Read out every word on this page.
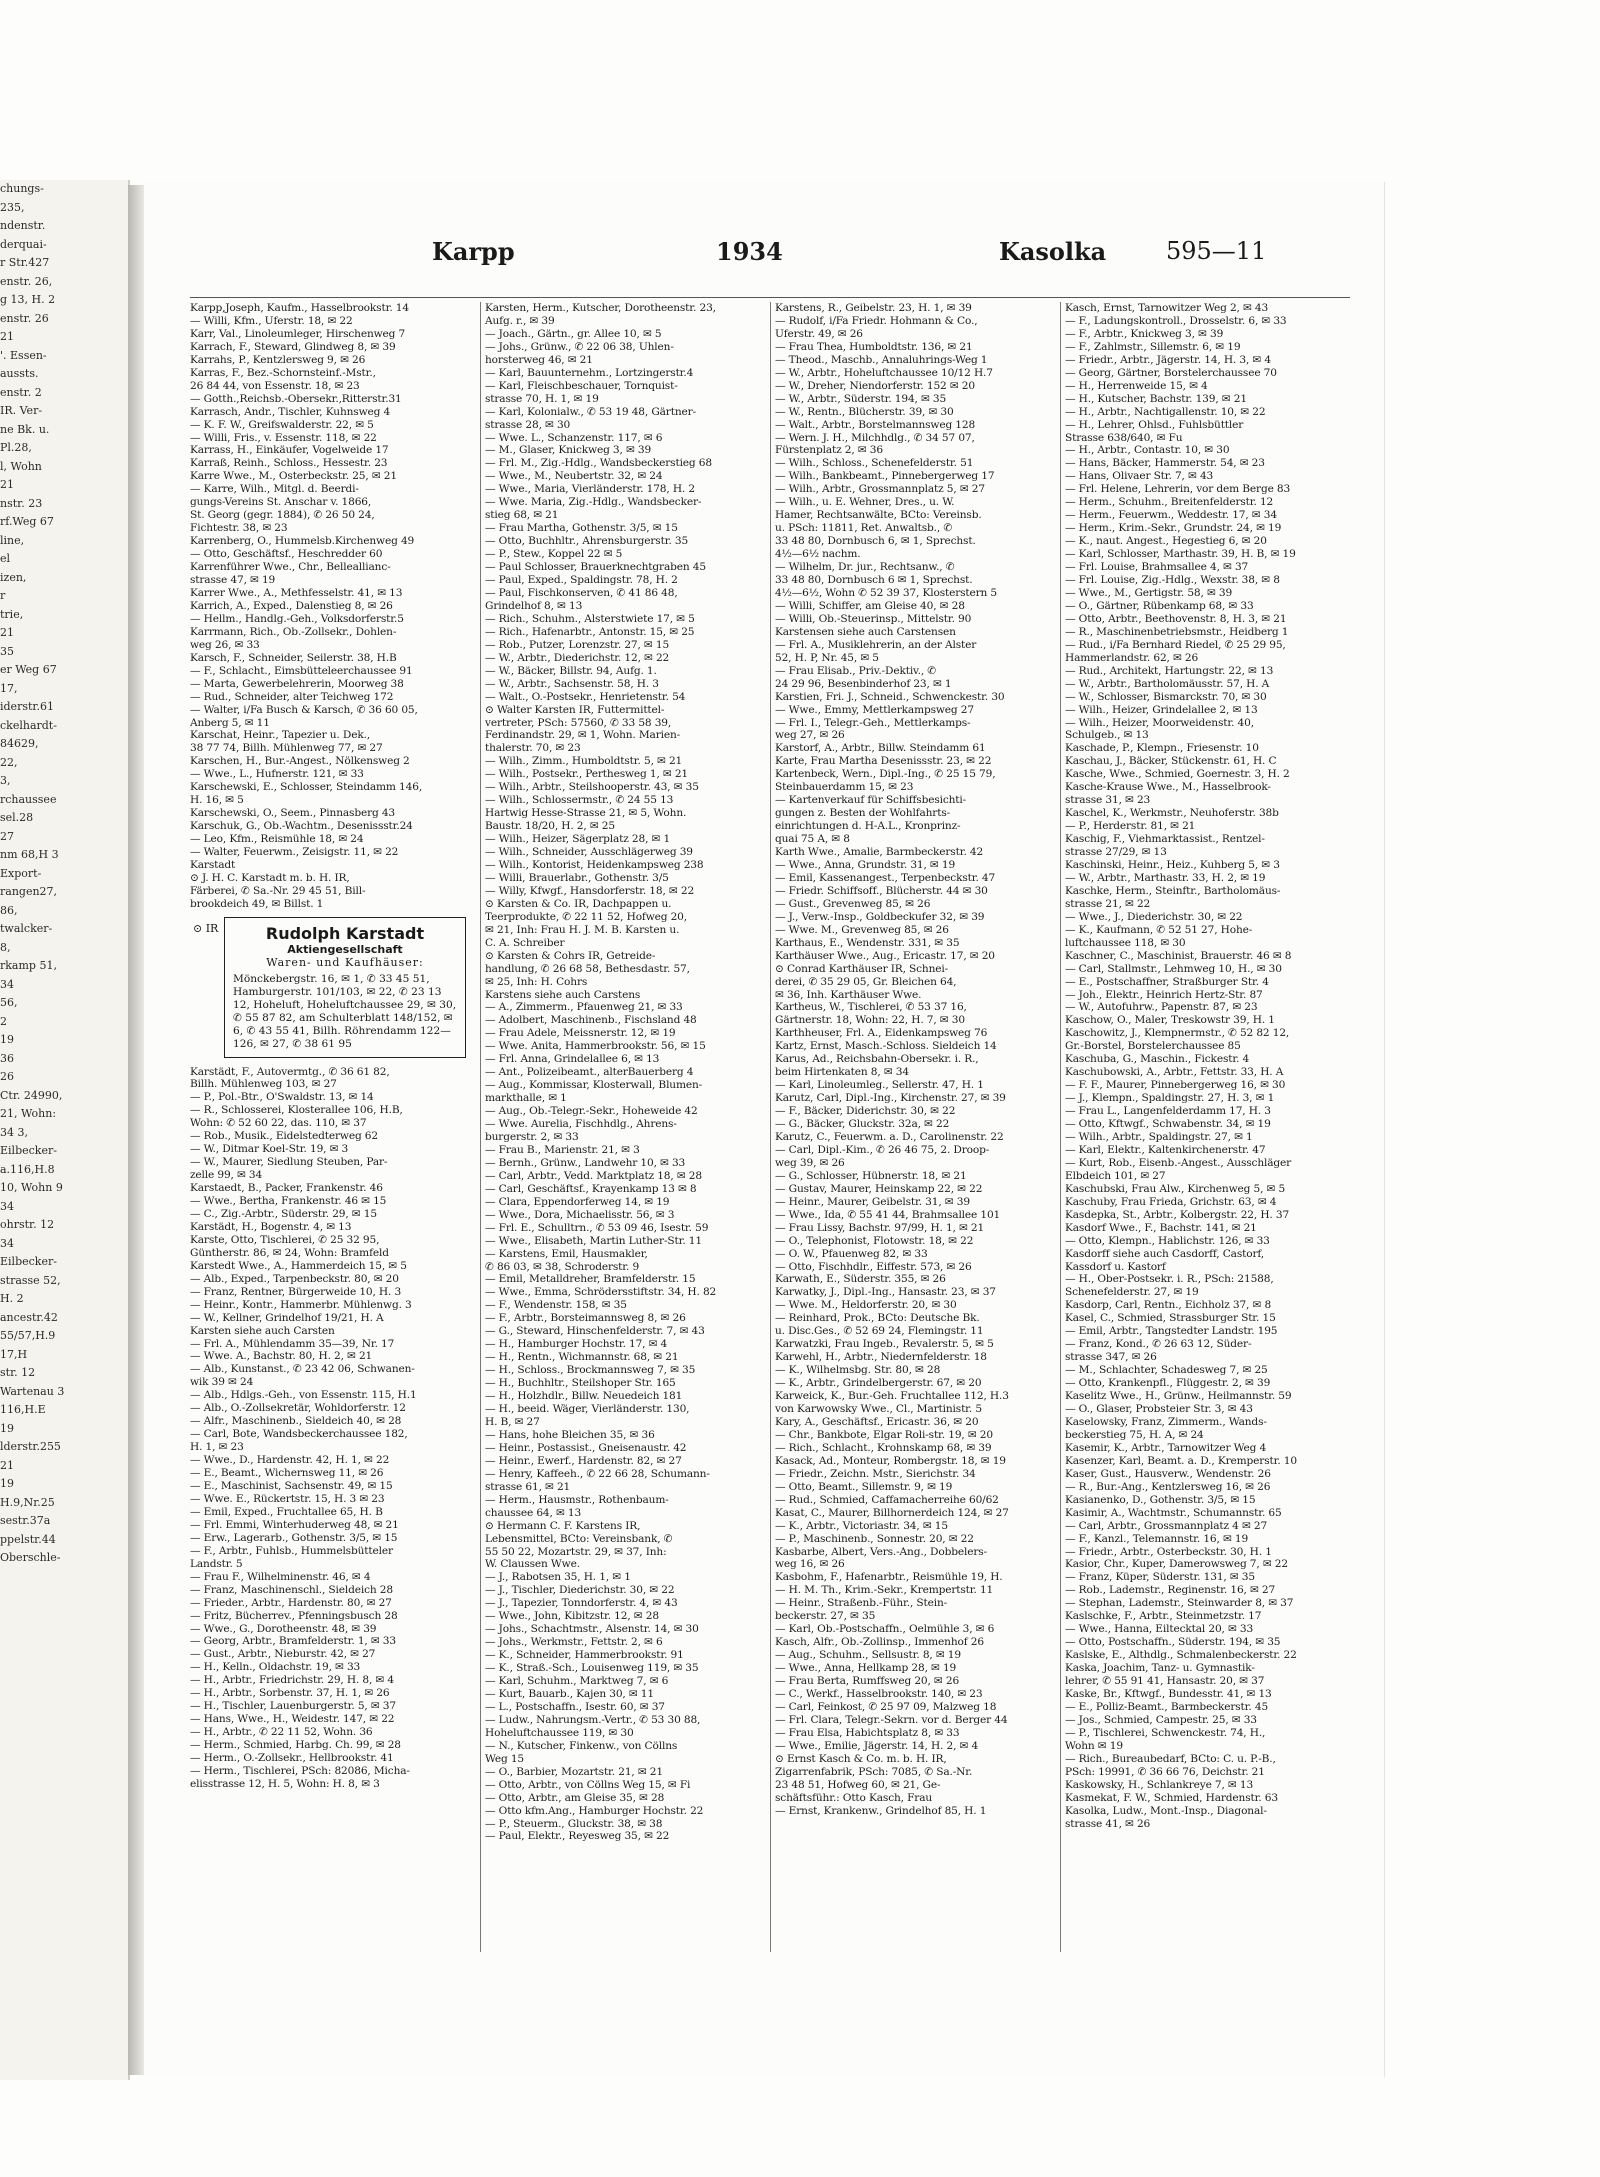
chungs-
235,
ndenstr.
derquai-
r Str.427
enstr. 26,
g 13, H. 2
enstr. 26
21
'. Essen-
aussts.
enstr. 2
IR. Ver-
ne Bk. u.
Pl.28,
l, Wohn
21
nstr. 23
rf.Weg 67
line,
el
izen,
r
trie,
21
35
er Weg 67
17,
iderstr.61
ckelhardt-
84629,
22,
3,
rchaussee
sel.28
27
nm 68,H 3
Export-
rangen27,
86,
twalcker-
8,
rkamp 51,
34
56,
2
19
36
26
Ctr. 24990,
21, Wohn:
34 3,
Eilbecker-
a.116,H.8
10, Wohn 9
34
ohrstr. 12
34
Eilbecker-
strasse 52,
H. 2
ancestr.42
55/57,H.9
17,H
str. 12
Wartenau 3
116,H.E
19
lderstr.255
21
19
H.9,Nr.25
sestr.37a
ppelstr.44
Oberschle-
Karpp	1934	Kasolka 595—11
Karpp,Joseph, Kaufm., Hasselbrookstr. 14
— Willi, Kfm., Uferstr. 18, ✉ 22
Karr, Val., Linoleumleger, Hirschenweg 7
Karrach, F., Steward, Glindweg 8, ✉ 39
Karrahs, P., Kentzlersweg 9, ✉ 26
Karras, F., Bez.-Schornsteinf.-Mstr.,
26 84 44, von Essenstr. 18, ✉ 23
— Gotth.,Reichsb.-Obersekr.,Ritterstr.31
Karrasch, Andr., Tischler, Kuhnsweg 4
— K. F. W., Greifswalderstr. 22, ✉ 5
— Willi, Fris., v. Essenstr. 118, ✉ 22
Karrass, H., Einkäufer, Vogelweide 17
Karraß, Reinh., Schloss., Hessestr. 23
Karre Wwe., M., Osterbeckstr. 25, ✉ 21
— Karre, Wilh., Mitgl. d. Beerdi-
gungs-Vereins St. Anschar v. 1866,
St. Georg (gegr. 1884), ✆ 26 50 24,
Fichtestr. 38, ✉ 23
Karrenberg, O., Hummelsb.Kirchenweg 49
— Otto, Geschäftsf., Heschredder 60
Karrenführer Wwe., Chr., Belleallianc-
strasse 47, ✉ 19
Karrer Wwe., A., Methfesselstr. 41, ✉ 13
Karrich, A., Exped., Dalenstieg 8, ✉ 26
— Hellm., Handlg.-Geh., Volksdorferstr.5
Karrmann, Rich., Ob.-Zollsekr., Dohlen-
weg 26, ✉ 33
Karsch, F., Schneider, Seilerstr. 38, H.B
— F., Schlacht., Eimsbütteleerchaussee 91
— Marta, Gewerbelehrerin, Moorweg 38
— Rud., Schneider, alter Teichweg 172
— Walter, i/Fa Busch & Karsch, ✆ 36 60 05,
Anberg 5, ✉ 11
Karschat, Heinr., Tapezier u. Dek.,
38 77 74, Billh. Mühlenweg 77, ✉ 27
Karschen, H., Bur.-Angest., Nölkensweg 2
— Wwe., L., Hufnerstr. 121, ✉ 33
Karschewski, E., Schlosser, Steindamm 146,
H. 16, ✉ 5
Karschewski, O., Seem., Pinnasberg 43
Karschuk, G., Ob.-Wachtm., Desenissstr.24
— Leo, Kfm., Reismühle 18, ✉ 24
— Walter, Feuerwm., Zeisigstr. 11, ✉ 22
Karstadt
⊙ J. H. C. Karstadt m. b. H. IR,
Färberei, ✆ Sa.-Nr. 29 45 51, Bill-
brookdeich 49, ✉ Billst. 1
⊙ IR	Rudolph Karstadt
Aktiengesellschaft
Waren- und Kaufhäuser:
Mönckebergstr. 16, ✉ 1, ✆ 33 45 51, Hamburgerstr. 101/103, ✉ 22, ✆ 23 13 12, Hoheluft, Hoheluftchaussee 29, ✉ 30, ✆ 55 87 82, am Schulterblatt 148/152, ✉ 6, ✆ 43 55 41, Billh. Röhrendamm 122—126, ✉ 27, ✆ 38 61 95
Karstädt, F., Autovermtg., ✆ 36 61 82,
Billh. Mühlenweg 103, ✉ 27
— P., Pol.-Btr., O'Swaldstr. 13, ✉ 14
— R., Schlosserei, Klosterallee 106, H.B,
Wohn: ✆ 52 60 22, das. 110, ✉ 37
— Rob., Musik., Eidelstedterweg 62
— W., Ditmar Koel-Str. 19, ✉ 3
— W., Maurer, Siedlung Steuben, Par-
zelle 99, ✉ 34
Karstaedt, B., Packer, Frankenstr. 46
— Wwe., Bertha, Frankenstr. 46 ✉ 15
— C., Zig.-Arbtr., Süderstr. 29, ✉ 15
Karstädt, H., Bogenstr. 4, ✉ 13
Karste, Otto, Tischlerei, ✆ 25 32 95,
Güntherstr. 86, ✉ 24, Wohn: Bramfeld
Karstedt Wwe., A., Hammerdeich 15, ✉ 5
— Alb., Exped., Tarpenbeckstr. 80, ✉ 20
— Franz, Rentner, Bürgerweide 10, H. 3
— Heinr., Kontr., Hammerbr. Mühlenwg. 3
— W., Kellner, Grindelhof 19/21, H. A
Karsten siehe auch Carsten
— Frl. A., Mühlendamm 35—39, Nr. 17
— Wwe. A., Bachstr. 80, H. 2, ✉ 21
— Alb., Kunstanst., ✆ 23 42 06, Schwanen-
wik 39 ✉ 24
— Alb., Hdlgs.-Geh., von Essenstr. 115, H.1
— Alb., O.-Zollsekretär, Wohldorferstr. 12
— Alfr., Maschinenb., Sieldeich 40, ✉ 28
— Carl, Bote, Wandsbeckerchaussee 182,
H. 1, ✉ 23
— Wwe., D., Hardenstr. 42, H. 1, ✉ 22
— E., Beamt., Wichernsweg 11, ✉ 26
— E., Maschinist, Sachsenstr. 49, ✉ 15
— Wwe. E., Rückertstr. 15, H. 3 ✉ 23
— Emil, Exped., Fruchtallee 65, H. B
— Frl. Emmi, Winterhuderweg 48, ✉ 21
— Erw., Lagerarb., Gothenstr. 3/5, ✉ 15
— F., Arbtr., Fuhlsb., Hummelsbütteler
Landstr. 5
— Frau F., Wilhelminenstr. 46, ✉ 4
— Franz, Maschinenschl., Sieldeich 28
— Frieder., Arbtr., Hardenstr. 80, ✉ 27
— Fritz, Bücherrev., Pfenningsbusch 28
— Wwe., G., Dorotheenstr. 48, ✉ 39
— Georg, Arbtr., Bramfelderstr. 1, ✉ 33
— Gust., Arbtr., Nieburstr. 42, ✉ 27
— H., Kelln., Oldachstr. 19, ✉ 33
— H., Arbtr., Friedrichstr. 29, H. 8, ✉ 4
— H., Arbtr., Sorbenstr. 37, H. 1, ✉ 26
— H., Tischler, Lauenburgerstr. 5, ✉ 37
— Hans, Wwe., H., Weidestr. 147, ✉ 22
— H., Arbtr., ✆ 22 11 52, Wohn. 36
— Herm., Schmied, Harbg. Ch. 99, ✉ 28
— Herm., O.-Zollsekr., Hellbrookstr. 41
— Herm., Tischlerei, PSch: 82086, Micha-
elisstrasse 12, H. 5, Wohn: H. 8, ✉ 3
Karsten, Herm., Kutscher, Dorotheenstr. 23,
Aufg. r., ✉ 39
— Joach., Gärtn., gr. Allee 10, ✉ 5
— Johs., Grünw., ✆ 22 06 38, Uhlen-
horsterweg 46, ✉ 21
— Karl, Bauunternehm., Lortzingerstr.4
— Karl, Fleischbeschauer, Tornquist-
strasse 70, H. 1, ✉ 19
— Karl, Kolonialw., ✆ 53 19 48, Gärtner-
strasse 28, ✉ 30
— Wwe. L., Schanzenstr. 117, ✉ 6
— M., Glaser, Knickweg 3, ✉ 39
— Frl. M., Zig.-Hdlg., Wandsbeckerstieg 68
— Wwe., M., Neubertstr. 32, ✉ 24
— Wwe., Maria, Vierländerstr. 178, H. 2
— Wwe. Maria, Zig.-Hdlg., Wandsbecker-
stieg 68, ✉ 21
— Frau Martha, Gothenstr. 3/5, ✉ 15
— Otto, Buchhltr., Ahrensburgerstr. 35
— P., Stew., Koppel 22 ✉ 5
— Paul Schlosser, Brauerknechtgraben 45
— Paul, Exped., Spaldingstr. 78, H. 2
— Paul, Fischkonserven, ✆ 41 86 48,
Grindelhof 8, ✉ 13
— Rich., Schuhm., Alsterstwiete 17, ✉ 5
— Rich., Hafenarbtr., Antonstr. 15, ✉ 25
— Rob., Putzer, Lorenzstr. 27, ✉ 15
— W., Arbtr., Diederichstr. 12, ✉ 22
— W., Bäcker, Billstr. 94, Aufg. 1.
— W., Arbtr., Sachsenstr. 58, H. 3
— Walt., O.-Postsekr., Henrietenstr. 54
⊙ Walter Karsten IR, Futtermittel-
vertreter, PSch: 57560, ✆ 33 58 39,
Ferdinandstr. 29, ✉ 1, Wohn. Marien-
thalerstr. 70, ✉ 23
— Wilh., Zimm., Humboldtstr. 5, ✉ 21
— Wilh., Postsekr., Perthesweg 1, ✉ 21
— Wilh., Arbtr., Steilshooperstr. 43, ✉ 35
— Wilh., Schlossermstr., ✆ 24 55 13
Hartwig Hesse-Strasse 21, ✉ 5, Wohn.
Baustr. 18/20, H. 2, ✉ 25
— Wilh., Heizer, Sägerplatz 28, ✉ 1
— Wilh., Schneider, Ausschlägerweg 39
— Wilh., Kontorist, Heidenkampsweg 238
— Willi, Brauerlabr., Gothenstr. 3/5
— Willy, Kfwgf., Hansdorferstr. 18, ✉ 22
⊙ Karsten & Co. IR, Dachpappen u.
Teerprodukte, ✆ 22 11 52, Hofweg 20,
✉ 21, Inh: Frau H. J. M. B. Karsten u.
C. A. Schreiber
⊙ Karsten & Cohrs IR, Getreide-
handlung, ✆ 26 68 58, Bethesdastr. 57,
✉ 25, Inh: H. Cohrs
Karstens siehe auch Carstens
— A., Zimmerm., Pfauenweg 21, ✉ 33
— Adolbert, Maschinenb., Fischsland 48
— Frau Adele, Meissnerstr. 12, ✉ 19
— Wwe. Anita, Hammerbrookstr. 56, ✉ 15
— Frl. Anna, Grindelallee 6, ✉ 13
— Ant., Polizeibeamt., alterBauerberg 4
— Aug., Kommissar, Klosterwall, Blumen-
markthalle, ✉ 1
— Aug., Ob.-Telegr.-Sekr., Hoheweide 42
— Wwe. Aurelia, Fischhdlg., Ahrens-
burgerstr. 2, ✉ 33
— Frau B., Marienstr. 21, ✉ 3
— Bernh., Grünw., Landwehr 10, ✉ 33
— Carl, Arbtr., Vedd. Marktplatz 18, ✉ 28
— Carl, Geschäftsf., Krayenkamp 13 ✉ 8
— Clara, Eppendorferweg 14, ✉ 19
— Wwe., Dora, Michaelisstr. 56, ✉ 3
— Frl. E., Schulltrn., ✆ 53 09 46, Isestr. 59
— Wwe., Elisabeth, Martin Luther-Str. 11
— Karstens, Emil, Hausmakler,
✆ 86 03, ✉ 38, Schroderstr. 9
— Emil, Metalldreher, Bramfelderstr. 15
— Wwe., Emma, Schrödersstiftstr. 34, H. 82
— F., Wendenstr. 158, ✉ 35
— F., Arbtr., Borsteimannsweg 8, ✉ 26
— G., Steward, Hinschenfelderstr. 7, ✉ 43
— H., Hamburger Hochstr. 17, ✉ 4
— H., Rentn., Wichmannstr. 68, ✉ 21
— H., Schloss., Brockmannsweg 7, ✉ 35
— H., Buchhltr., Steilshoper Str. 165
— H., Holzhdlr., Billw. Neuedeich 181
— H., beeid. Wäger, Vierländerstr. 130,
H. B, ✉ 27
— Hans, hohe Bleichen 35, ✉ 36
— Heinr., Postassist., Gneisenaustr. 42
— Heinr., Ewerf., Hardenstr. 82, ✉ 27
— Henry, Kaffeeh., ✆ 22 66 28, Schumann-
strasse 61, ✉ 21
— Herm., Hausmstr., Rothenbaum-
chaussee 64, ✉ 13
⊙ Hermann C. F. Karstens IR,
Lebensmittel, BCto: Vereinsbank, ✆
55 50 22, Mozartstr. 29, ✉ 37, Inh:
W. Claussen Wwe.
— J., Rabotsen 35, H. 1, ✉ 1
— J., Tischler, Diederichstr. 30, ✉ 22
— J., Tapezier, Tonndorferstr. 4, ✉ 43
— Wwe., John, Kibitzstr. 12, ✉ 28
— Johs., Schachtmstr., Alsenstr. 14, ✉ 30
— Johs., Werkmstr., Fettstr. 2, ✉ 6
— K., Schneider, Hammerbrookstr. 91
— K., Straß.-Sch., Louisenweg 119, ✉ 35
— Karl, Schuhm., Marktweg 7, ✉ 6
— Kurt, Bauarb., Kajen 30, ✉ 11
— L., Postschaffn., Isestr. 60, ✉ 37
— Ludw., Nahrungsm.-Vertr., ✆ 53 30 88,
Hoheluftchaussee 119, ✉ 30
— N., Kutscher, Finkenw., von Cöllns
Weg 15
— O., Barbier, Mozartstr. 21, ✉ 21
— Otto, Arbtr., von Cöllns Weg 15, ✉ Fi
— Otto, Arbtr., am Gleise 35, ✉ 28
— Otto kfm.Ang., Hamburger Hochstr. 22
— P., Steuerm., Gluckstr. 38, ✉ 38
— Paul, Elektr., Reyesweg 35, ✉ 22
Karstens, R., Geibelstr. 23, H. 1, ✉ 39
— Rudolf, i/Fa Friedr. Hohmann & Co.,
Uferstr. 49, ✉ 26
— Frau Thea, Humboldtstr. 136, ✉ 21
— Theod., Maschb., Annaluhrings-Weg 1
— W., Arbtr., Hoheluftchaussee 10/12 H.7
— W., Dreher, Niendorferstr. 152 ✉ 20
— W., Arbtr., Süderstr. 194, ✉ 35
— W., Rentn., Blücherstr. 39, ✉ 30
— Walt., Arbtr., Borstelmannsweg 128
— Wern. J. H., Milchhdlg., ✆ 34 57 07,
Fürstenplatz 2, ✉ 36
— Wilh., Schloss., Schenefelderstr. 51
— Wilh., Bankbeamt., Pinnebergerweg 17
— Wilh., Arbtr., Grossmannplatz 5, ✉ 27
— Wilh., u. E. Wehner, Dres., u. W.
Hamer, Rechtsanwälte, BCto: Vereinsb.
u. PSch: 11811, Ret. Anwaltsb., ✆
33 48 80, Dornbusch 6, ✉ 1, Sprechst.
4½—6½ nachm.
— Wilhelm, Dr. jur., Rechtsanw., ✆
33 48 80, Dornbusch 6 ✉ 1, Sprechst.
4½—6½, Wohn ✆ 52 39 37, Klosterstern 5
— Willi, Schiffer, am Gleise 40, ✉ 28
— Willi, Ob.-Steuerinsp., Mittelstr. 90
Karstensen siehe auch Carstensen
— Frl. A., Musiklehrerin, an der Alster
52, H. P, Nr. 45, ✉ 5
— Frau Elisab., Priv.-Dektiv., ✆
24 29 96, Besenbinderhof 23, ✉ 1
Karstien, Fri. J., Schneid., Schwenckestr. 30
— Wwe., Emmy, Mettlerkampsweg 27
— Frl. I., Telegr.-Geh., Mettlerkamps-
weg 27, ✉ 26
Karstorf, A., Arbtr., Billw. Steindamm 61
Karte, Frau Martha Desenissstr. 23, ✉ 22
Kartenbeck, Wern., Dipl.-Ing., ✆ 25 15 79,
Steinbauerdamm 15, ✉ 23
— Kartenverkauf für Schiffsbesichti-
gungen z. Besten der Wohlfahrts-
einrichtungen d. H-A.L., Kronprinz-
quai 75 A, ✉ 8
Karth Wwe., Amalie, Barmbeckerstr. 42
— Wwe., Anna, Grundstr. 31, ✉ 19
— Emil, Kassenangest., Terpenbeckstr. 47
— Friedr. Schiffsoff., Blücherstr. 44 ✉ 30
— Gust., Grevenweg 85, ✉ 26
— J., Verw.-Insp., Goldbeckufer 32, ✉ 39
— Wwe. M., Grevenweg 85, ✉ 26
Karthaus, E., Wendenstr. 331, ✉ 35
Karthäuser Wwe., Aug., Ericastr. 17, ✉ 20
⊙ Conrad Karthäuser IR, Schnei-
derei, ✆ 35 29 05, Gr. Bleichen 64,
✉ 36, Inh. Karthäuser Wwe.
Kartheus, W., Tischlerei, ✆ 53 37 16,
Gärtnerstr. 18, Wohn: 22, H. 7, ✉ 30
Karthheuser, Frl. A., Eidenkampsweg 76
Kartz, Ernst, Masch.-Schloss. Sieldeich 14
Karus, Ad., Reichsbahn-Obersekr. i. R.,
beim Hirtenkaten 8, ✉ 34
— Karl, Linoleumleg., Sellerstr. 47, H. 1
Karutz, Carl, Dipl.-Ing., Kirchenstr. 27, ✉ 39
— F., Bäcker, Diderichstr. 30, ✉ 22
— G., Bäcker, Gluckstr. 32a, ✉ 22
Karutz, C., Feuerwm. a. D., Carolinenstr. 22
— Carl, Dipl.-Kim., ✆ 26 46 75, 2. Droop-
weg 39, ✉ 26
— G., Schlosser, Hübnerstr. 18, ✉ 21
— Gustav, Maurer, Heinskamp 22, ✉ 22
— Heinr., Maurer, Geibelstr. 31, ✉ 39
— Wwe., Ida, ✆ 55 41 44, Brahmsallee 101
— Frau Lissy, Bachstr. 97/99, H. 1, ✉ 21
— O., Telephonist, Flotowstr. 18, ✉ 22
— O. W., Pfauenweg 82, ✉ 33
— Otto, Fischhdlr., Eiffestr. 573, ✉ 26
Karwath, E., Süderstr. 355, ✉ 26
Karwatky, J., Dipl.-Ing., Hansastr. 23, ✉ 37
— Wwe. M., Heldorferstr. 20, ✉ 30
— Reinhard, Prok., BCto: Deutsche Bk.
u. Disc.Ges., ✆ 52 69 24, Flemingstr. 11
Karwatzki, Frau Ingeb., Revalerstr. 5, ✉ 5
Karwehl, H., Arbtr., Niedernfelderstr. 18
— K., Wilhelmsbg. Str. 80, ✉ 28
— K., Arbtr., Grindelbergerstr. 67, ✉ 20
Karweick, K., Bur.-Geh. Fruchtallee 112, H.3
von Karwowsky Wwe., Cl., Martinistr. 5
Kary, A., Geschäftsf., Ericastr. 36, ✉ 20
— Chr., Bankbote, Elgar Roli-str. 19, ✉ 20
— Rich., Schlacht., Krohnskamp 68, ✉ 39
Kasack, Ad., Monteur, Rombergstr. 18, ✉ 19
— Friedr., Zeichn. Mstr., Sierichstr. 34
— Otto, Beamt., Sillemstr. 9, ✉ 19
— Rud., Schmied, Caffamacherreihe 60/62
Kasat, C., Maurer, Billhornerdeich 124, ✉ 27
— K., Arbtr., Victoriastr. 34, ✉ 15
— P., Maschinenb., Sonnestr. 20, ✉ 22
Kasbarbe, Albert, Vers.-Ang., Dobbelers-
weg 16, ✉ 26
Kasbohm, F., Hafenarbtr., Reismühle 19, H.
— H. M. Th., Krim.-Sekr., Krempertstr. 11
— Heinr., Straßenb.-Führ., Stein-
beckerstr. 27, ✉ 35
— Karl, Ob.-Postschaffn., Oelmühle 3, ✉ 6
Kasch, Alfr., Ob.-Zollinsp., Immenhof 26
— Aug., Schuhm., Sellsustr. 8, ✉ 19
— Wwe., Anna, Hellkamp 28, ✉ 19
— Frau Berta, Rumffsweg 20, ✉ 26
— C., Werkf., Hasselbrookstr. 140, ✉ 23
— Carl, Feinkost, ✆ 25 97 09, Malzweg 18
— Frl. Clara, Telegr.-Sekrn. vor d. Berger 44
— Frau Elsa, Habichtsplatz 8, ✉ 33
— Wwe., Emilie, Jägerstr. 14, H. 2, ✉ 4
⊙ Ernst Kasch & Co. m. b. H. IR,
Zigarrenfabrik, PSch: 7085, ✆ Sa.-Nr.
23 48 51, Hofweg 60, ✉ 21, Ge-
schäftsführ.: Otto Kasch, Frau
— Ernst, Krankenw., Grindelhof 85, H. 1
Kasch, Ernst, Tarnowitzer Weg 2, ✉ 43
— F., Ladungskontroll., Drosselstr. 6, ✉ 33
— F., Arbtr., Knickweg 3, ✉ 39
— F., Zahlmstr., Sillemstr. 6, ✉ 19
— Friedr., Arbtr., Jägerstr. 14, H. 3, ✉ 4
— Georg, Gärtner, Borstelerchaussee 70
— H., Herrenweide 15, ✉ 4
— H., Kutscher, Bachstr. 139, ✉ 21
— H., Arbtr., Nachtigallenstr. 10, ✉ 22
— H., Lehrer, Ohlsd., Fuhlsbüttler
Strasse 638/640, ✉ Fu
— H., Arbtr., Contastr. 10, ✉ 30
— Hans, Bäcker, Hammerstr. 54, ✉ 23
— Hans, Olivaer Str. 7, ✉ 43
— Frl. Helene, Lehrerin, vor dem Berge 83
— Herm., Schuhm., Breitenfelderstr. 12
— Herm., Feuerwm., Weddestr. 17, ✉ 34
— Herm., Krim.-Sekr., Grundstr. 24, ✉ 19
— K., naut. Angest., Hegestieg 6, ✉ 20
— Karl, Schlosser, Marthastr. 39, H. B, ✉ 19
— Frl. Louise, Brahmsallee 4, ✉ 37
— Frl. Louise, Zig.-Hdlg., Wexstr. 38, ✉ 8
— Wwe., M., Gertigstr. 58, ✉ 39
— O., Gärtner, Rübenkamp 68, ✉ 33
— Otto, Arbtr., Beethovenstr. 8, H. 3, ✉ 21
— R., Maschinenbetriebsmstr., Heidberg 1
— Rud., i/Fa Bernhard Riedel, ✆ 25 29 95,
Hammerlandstr. 62, ✉ 26
— Rud., Architekt, Hartungstr. 22, ✉ 13
— W., Arbtr., Bartholomäusstr. 57, H. A
— W., Schlosser, Bismarckstr. 70, ✉ 30
— Wilh., Heizer, Grindelallee 2, ✉ 13
— Wilh., Heizer, Moorweidenstr. 40,
Schulgeb., ✉ 13
Kaschade, P., Klempn., Friesenstr. 10
Kaschau, J., Bäcker, Stückenstr. 61, H. C
Kasche, Wwe., Schmied, Goernestr. 3, H. 2
Kasche-Krause Wwe., M., Hasselbrook-
strasse 31, ✉ 23
Kaschel, K., Werkmstr., Neuhoferstr. 38b
— P., Herderstr. 81, ✉ 21
Kaschig, F., Viehmarktassist., Rentzel-
strasse 27/29, ✉ 13
Kaschinski, Heinr., Heiz., Kuhberg 5, ✉ 3
— W., Arbtr., Marthastr. 33, H. 2, ✉ 19
Kaschke, Herm., Steinftr., Bartholomäus-
strasse 21, ✉ 22
— Wwe., J., Diederichstr. 30, ✉ 22
— K., Kaufmann, ✆ 52 51 27, Hohe-
luftchaussee 118, ✉ 30
Kaschner, C., Maschinist, Brauerstr. 46 ✉ 8
— Carl, Stallmstr., Lehmweg 10, H., ✉ 30
— E., Postschaffner, Straßburger Str. 4
— Joh., Elektr., Heinrich Hertz-Str. 87
— W., Autofuhrw., Papenstr. 87, ✉ 23
Kaschow, O., Maler, Treskowstr 39, H. 1
Kaschowitz, J., Klempnermstr., ✆ 52 82 12,
Gr.-Borstel, Borstelerchaussee 85
Kaschuba, G., Maschin., Fickestr. 4
Kaschubowski, A., Arbtr., Fettstr. 33, H. A
— F. F., Maurer, Pinnebergerweg 16, ✉ 30
— J., Klempn., Spaldingstr. 27, H. 3, ✉ 1
— Frau L., Langenfelderdamm 17, H. 3
— Otto, Kftwgf., Schwabenstr. 34, ✉ 19
— Wilh., Arbtr., Spaldingstr. 27, ✉ 1
— Karl, Elektr., Kaltenkirchenerstr. 47
— Kurt, Rob., Eisenb.-Angest., Ausschläger
Elbdeich 101, ✉ 27
Kaschubski, Frau Alw., Kirchenweg 5, ✉ 5
Kaschuby, Frau Frieda, Grichstr. 63, ✉ 4
Kasdepka, St., Arbtr., Kolbergstr. 22, H. 37
Kasdorf Wwe., F., Bachstr. 141, ✉ 21
— Otto, Klempn., Hablichstr. 126, ✉ 33
Kasdorff siehe auch Casdorff, Castorf,
Kassdorf u. Kastorf
— H., Ober-Postsekr. i. R., PSch: 21588,
Schenefelderstr. 27, ✉ 19
Kasdorp, Carl, Rentn., Eichholz 37, ✉ 8
Kasel, C., Schmied, Strassburger Str. 15
— Emil, Arbtr., Tangstedter Landstr. 195
— Franz, Kond., ✆ 26 63 12, Süder-
strasse 347, ✉ 26
— M., Schlachter, Schadesweg 7, ✉ 25
— Otto, Krankenpfl., Flüggestr. 2, ✉ 39
Kaselitz Wwe., H., Grünw., Heilmannstr. 59
— O., Glaser, Probsteier Str. 3, ✉ 43
Kaselowsky, Franz, Zimmerm., Wands-
beckerstieg 75, H. A, ✉ 24
Kasemir, K., Arbtr., Tarnowitzer Weg 4
Kasenzer, Karl, Beamt. a. D., Kremperstr. 10
Kaser, Gust., Hausverw., Wendenstr. 26
— R., Bur.-Ang., Kentzlersweg 16, ✉ 26
Kasianenko, D., Gothenstr. 3/5, ✉ 15
Kasimir, A., Wachtmstr., Schumannstr. 65
— Carl, Arbtr., Grossmannplatz 4 ✉ 27
— F., Kanzl., Telemannstr. 16, ✉ 19
— Friedr., Arbtr., Osterbeckstr. 30, H. 1
Kasior, Chr., Kuper, Damerowsweg 7, ✉ 22
— Franz, Küper, Süderstr. 131, ✉ 35
— Rob., Lademstr., Reginenstr. 16, ✉ 27
— Stephan, Lademstr., Steinwarder 8, ✉ 37
Kaslschke, F., Arbtr., Steinmetzstr. 17
— Wwe., Hanna, Eiltecktal 20, ✉ 33
— Otto, Postschaffn., Süderstr. 194, ✉ 35
Kaslske, E., Althdlg., Schmalenbeckerstr. 22
Kaska, Joachim, Tanz- u. Gymnastik-
lehrer, ✆ 55 91 41, Hansastr. 20, ✉ 37
Kaske, Br., Kftwgf., Bundesstr. 41, ✉ 13
— E., Polliz-Beamt., Barmbeckerstr. 45
— Jos., Schmied, Campestr. 25, ✉ 33
— P., Tischlerei, Schwenckestr. 74, H.,
Wohn ✉ 19
— Rich., Bureaubedarf, BCto: C. u. P.-B.,
PSch: 19991, ✆ 36 66 76, Deichstr. 21
Kaskowsky, H., Schlankreye 7, ✉ 13
Kasmekat, F. W., Schmied, Hardenstr. 63
Kasolka, Ludw., Mont.-Insp., Diagonal-
strasse 41, ✉ 26
